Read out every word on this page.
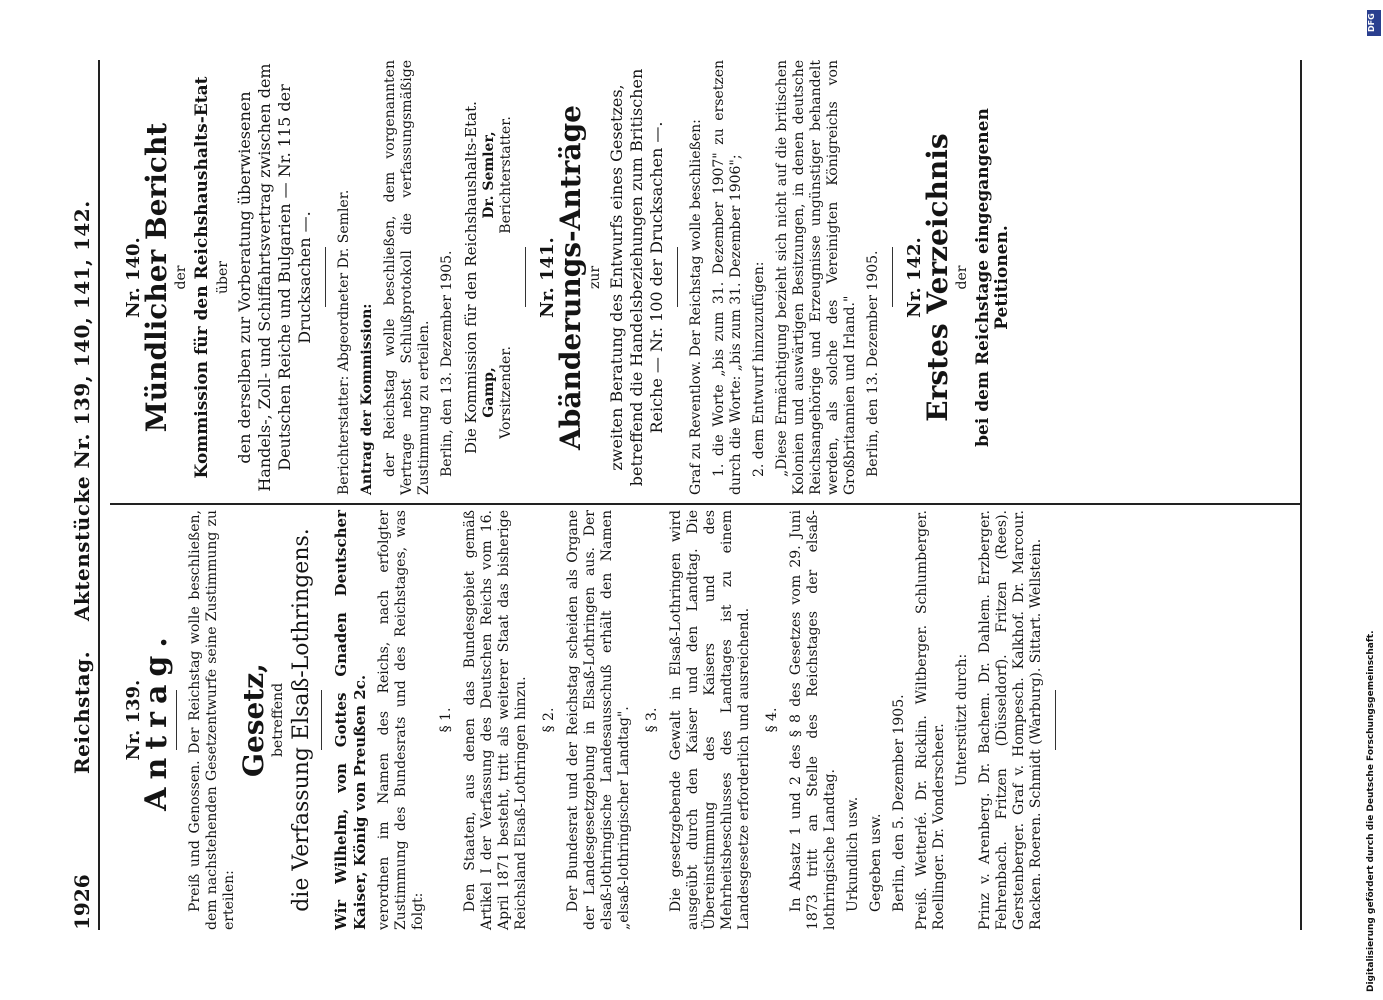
1926
Reichstag.    Aktenstücke Nr. 139, 140, 141, 142.
Nr. 139.
Antrag. Preiß und Genossen. Der Reichstag wolle beschließen, dem nachstehenden Gesetzentwurfe seine Zustimmung zu erteilen:
Gesetz, betreffend die Verfassung Elsaß-Lothringens. Wir Wilhelm, von Gottes Gnaden Deutscher Kaiser, König von Preußen 2c. verordnen im Namen des Reichs, nach erfolgter Zustimmung des Bundesrats und des Reichstages, was folgt:
§ 1. Den Staaten, aus denen das Bundesgebiet gemäß Artikel I der Verfassung des Deutschen Reichs vom 16. April 1871 besteht, tritt als weiterer Staat das bisherige Reichsland Elsaß-Lothringen hinzu. § 2. Der Bundesrat und der Reichstag scheiden als Organe der Landesgesetzgebung in Elsaß-Lothringen aus. Der elsaß-lothringische Landesausschuß erhält den Namen „elsaß-lothringischer Landtag". § 3. Die gesetzgebende Gewalt in Elsaß-Lothringen wird ausgeübt durch den Kaiser und den Landtag. Die Übereinstimmung des Kaisers und des Mehrheitsbeschlusses des Landtages ist zu einem Landesgesetze erforderlich und ausreichend. § 4. In Absatz 1 und 2 des § 8 des Gesetzes vom 29. Juni 1873 tritt an Stelle des Reichstages der elsaß-lothringische Landtag. Urkundlich usw. Gegeben usw. Berlin, den 5. Dezember 1905. Preiß. Wetterlé. Dr. Ricklin. Wiltberger. Schlumberger. Roellinger. Dr. Vonderscheer.
Unterstützt durch: Prinz v. Arenberg. Dr. Bachem. Dr. Dahlem. Erzberger. Fehrenbach. Fritzen (Düsseldorf). Fritzen (Rees). Gerstenberger. Graf v. Hompesch. Kalkhof. Dr. Marcour. Racken. Roeren. Schmidt (Warburg). Sittart. Wellstein.
Nr. 140.
Mündlicher Bericht der Kommission für den Reichshaushalts-Etat über den derselben zur Vorberatung überwiesenen Handels-, Zoll- und Schiffahrtsvertrag zwischen dem Deutschen Reiche und Bulgarien — Nr. 115 der Drucksachen —. Berichterstatter: Abgeordneter Dr. Semler. Antrag der Kommission: der Reichstag wolle beschließen, dem vorgenannten Vertrage nebst Schlußprotokoll die verfassungsmäßige Zustimmung zu erteilen. Berlin, den 13. Dezember 1905. Die Kommission für den Reichshaushalts-Etat. Gamp, Vorsitzender.
Dr. Semler, Berichterstatter.
Nr. 141.
Abänderungs-Anträge zur zweiten Beratung des Entwurfs eines Gesetzes, betreffend die Handelsbeziehungen zum Britischen Reiche — Nr. 100 der Drucksachen —. Graf zu Reventlow. Der Reichstag wolle beschließen: 1. die Worte „bis zum 31. Dezember 1907" zu ersetzen durch die Worte: „bis zum 31. Dezember 1906"; 2. dem Entwurf hinzuzufügen: „Diese Ermächtigung bezieht sich nicht auf die britischen Kolonien und auswärtigen Besitzungen, in denen deutsche Reichsangehörige und Erzeugnisse ungünstiger behandelt werden, als solche des Vereinigten Königreichs von Großbritannien und Irland." Berlin, den 13. Dezember 1905. Nr. 142.
Erstes Verzeichnis der bei dem Reichstage eingegangenen Petitionen.
DFG
Digitalisierung gefördert durch die Deutsche Forschungsgemeinschaft.
